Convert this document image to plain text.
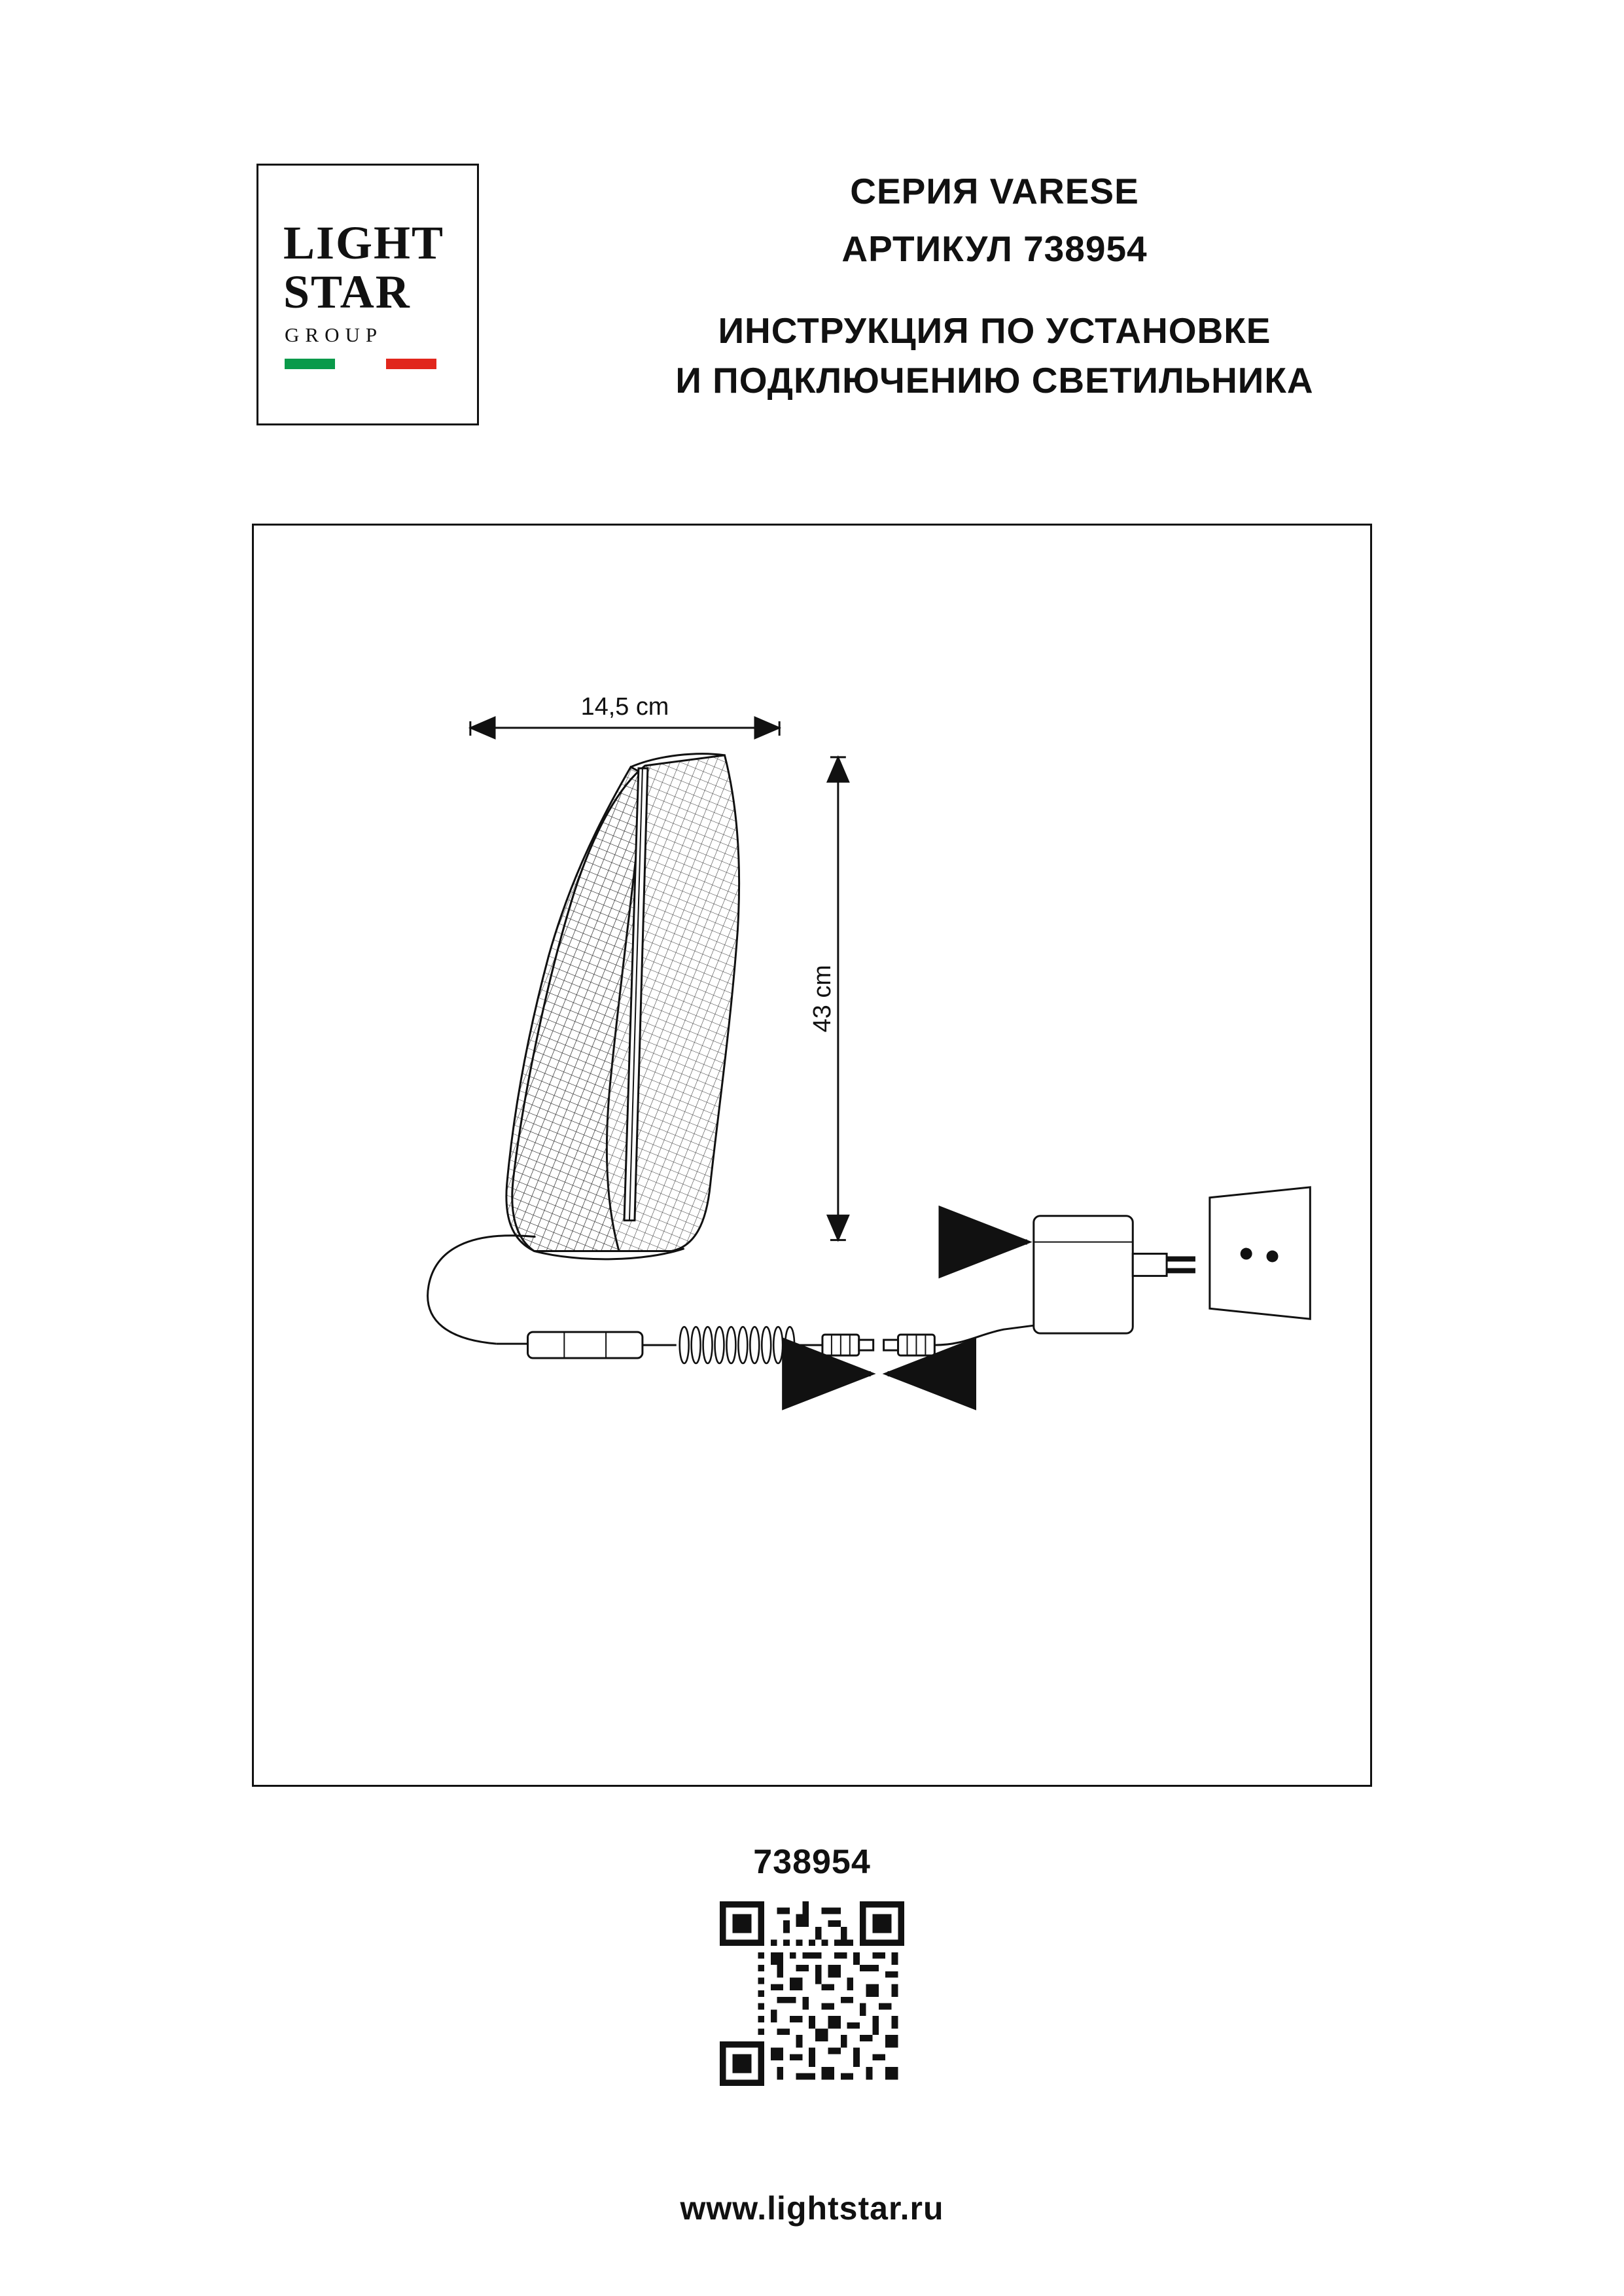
LIGHT
STAR
GROUP
СЕРИЯ VARESE
АРТИКУЛ 738954
ИНСТРУКЦИЯ ПО УСТАНОВКЕ
И ПОДКЛЮЧЕНИЮ СВЕТИЛЬНИКА
14,5 cm
43 cm
738954
www.lightstar.ru
